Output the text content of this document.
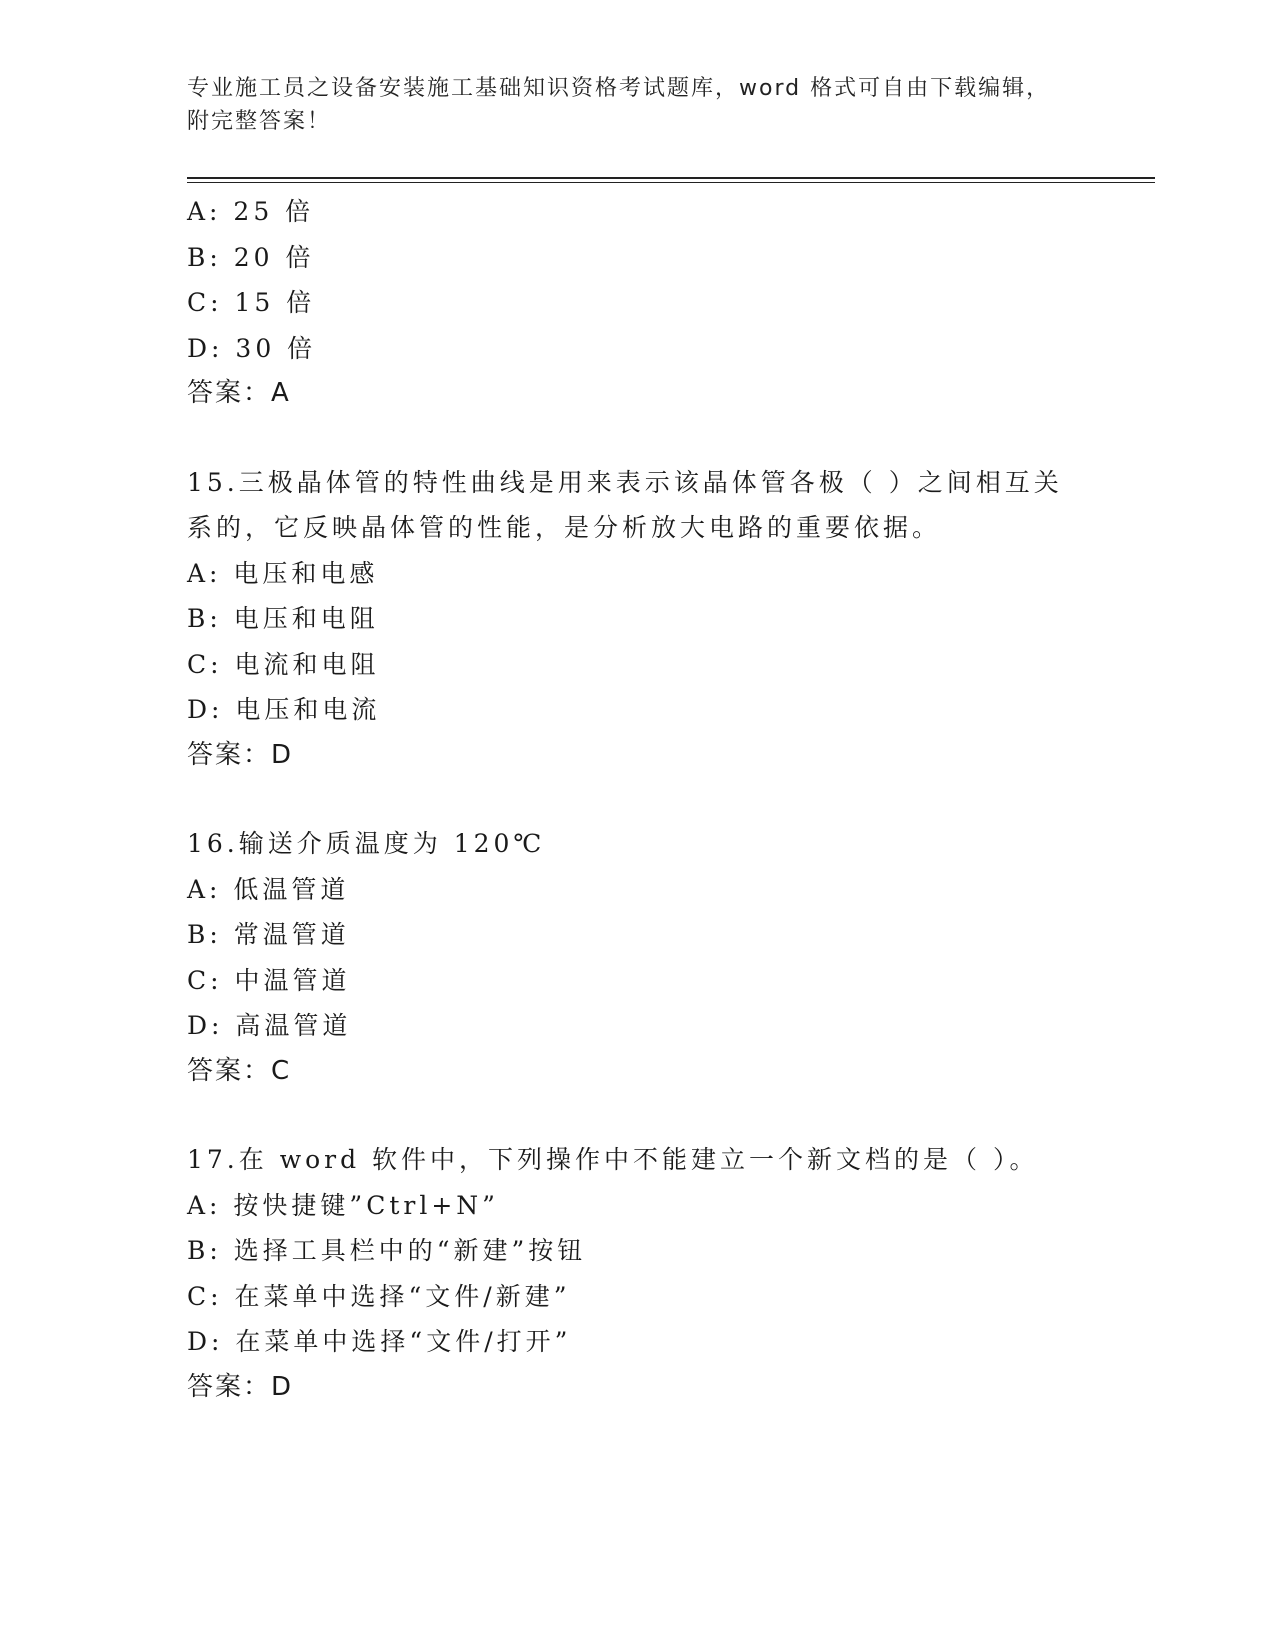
专业施工员之设备安装施工基础知识资格考试题库，word 格式可自由下载编辑，
附完整答案！
A: 25 倍
B: 20 倍
C: 15 倍
D: 30 倍
答案：A
15.三极晶体管的特性曲线是用来表示该晶体管各极（ ）之间相互关
系的，它反映晶体管的性能，是分析放大电路的重要依据。
A: 电压和电感
B: 电压和电阻
C: 电流和电阻
D: 电压和电流
答案：D
16.输送介质温度为 120℃
A: 低温管道
B: 常温管道
C: 中温管道
D: 高温管道
答案：C
17.在 word 软件中，下列操作中不能建立一个新文档的是（ ）。
A: 按快捷键”Ctrl+N”
B: 选择工具栏中的“新建”按钮
C: 在菜单中选择“文件/新建”
D: 在菜单中选择“文件/打开”
答案：D
